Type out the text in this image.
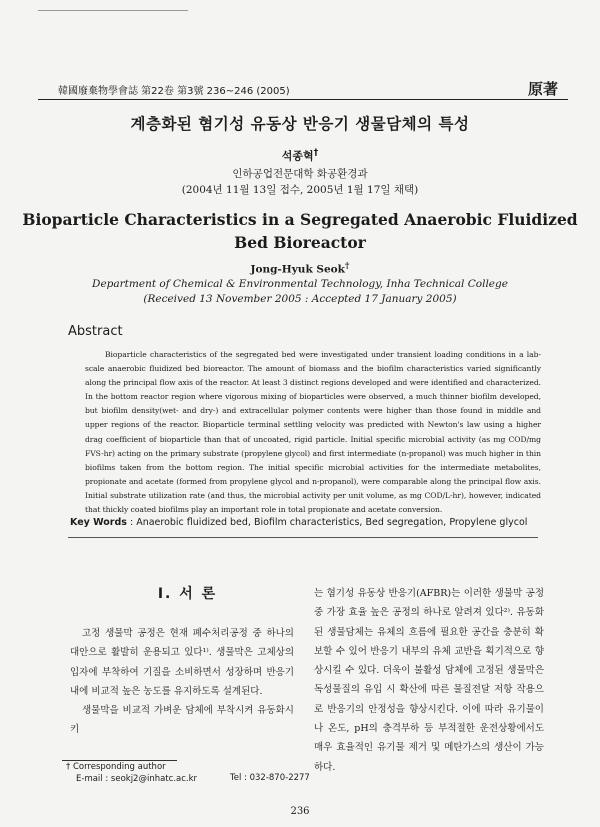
韓國廢棄物學會誌 第22卷 第3號 236~246 (2005)	原著
계층화된 혐기성 유동상 반응기 생물담체의 특성
석종혁†
인하공업전문대학 화공환경과
(2004년 11월 13일 접수, 2005년 1월 17일 채택)
Bioparticle Characteristics in a Segregated Anaerobic Fluidized
Bed Bioreactor
Jong-Hyuk Seok†
Department of Chemical & Environmental Technology, Inha Technical College
(Received 13 November 2005 : Accepted 17 January 2005)
Abstract
Bioparticle characteristics of the segregated bed were investigated under transient loading conditions in a lab-scale anaerobic fluidized bed bioreactor. The amount of biomass and the biofilm characteristics varied significantly along the principal flow axis of the reactor. At least 3 distinct regions developed and were identified and characterized. In the bottom reactor region where vigorous mixing of bioparticles were observed, a much thinner biofilm developed, but biofilm density(wet- and dry-) and extracellular polymer contents were higher than those found in middle and upper regions of the reactor. Bioparticle terminal settling velocity was predicted with Newton's law using a higher drag coefficient of bioparticle than that of uncoated, rigid particle. Initial specific microbial activity (as mg COD/mg FVS-hr) acting on the primary substrate (propylene glycol) and first intermediate (n-propanol) was much higher in thin biofilms taken from the bottom region. The initial specific microbial activities for the intermediate metabolites, propionate and acetate (formed from propylene glycol and n-propanol), were comparable along the principal flow axis. Initial substrate utilization rate (and thus, the microbial activity per unit volume, as mg COD/L-hr), however, indicated that thickly coated biofilms play an important role in total propionate and acetate conversion.
Key Words : Anaerobic fluidized bed, Biofilm characteristics, Bed segregation, Propylene glycol
Ⅰ. 서 론

고정 생물막 공정은 현재 폐수처리공정 중 하나의 대안으로 활발히 운용되고 있다¹⁾. 생물막은 고체상의 입자에 부착하여 기질을 소비하면서 성장하며 반응기 내에 비교적 높은 농도를 유지하도록 설계된다.

생물막을 비교적 가벼운 담체에 부착시켜 유동화시키

는 혐기성 유동상 반응기(AFBR)는 이러한 생물막 공정 중 가장 효율 높은 공정의 하나로 알려져 있다²⁾. 유동화된 생물담체는 유체의 흐름에 필요한 공간을 충분히 확보할 수 있어 반응기 내부의 유체 교반을 획기적으로 향상시킬 수 있다. 더욱이 불활성 담체에 고정된 생물막은 독성물질의 유입 시 확산에 따른 물질전달 저항 작용으로 반응기의 안정성을 향상시킨다. 이에 따라 유기물이나 온도, pH의 충격부하 등 부적절한 운전상황에서도 매우 효율적인 유기물 제거 및 메탄가스의 생산이 가능하다.

† Corresponding author
E-mail : seokj2@inhatc.ac.kr	Tel : 032-870-2277
236
